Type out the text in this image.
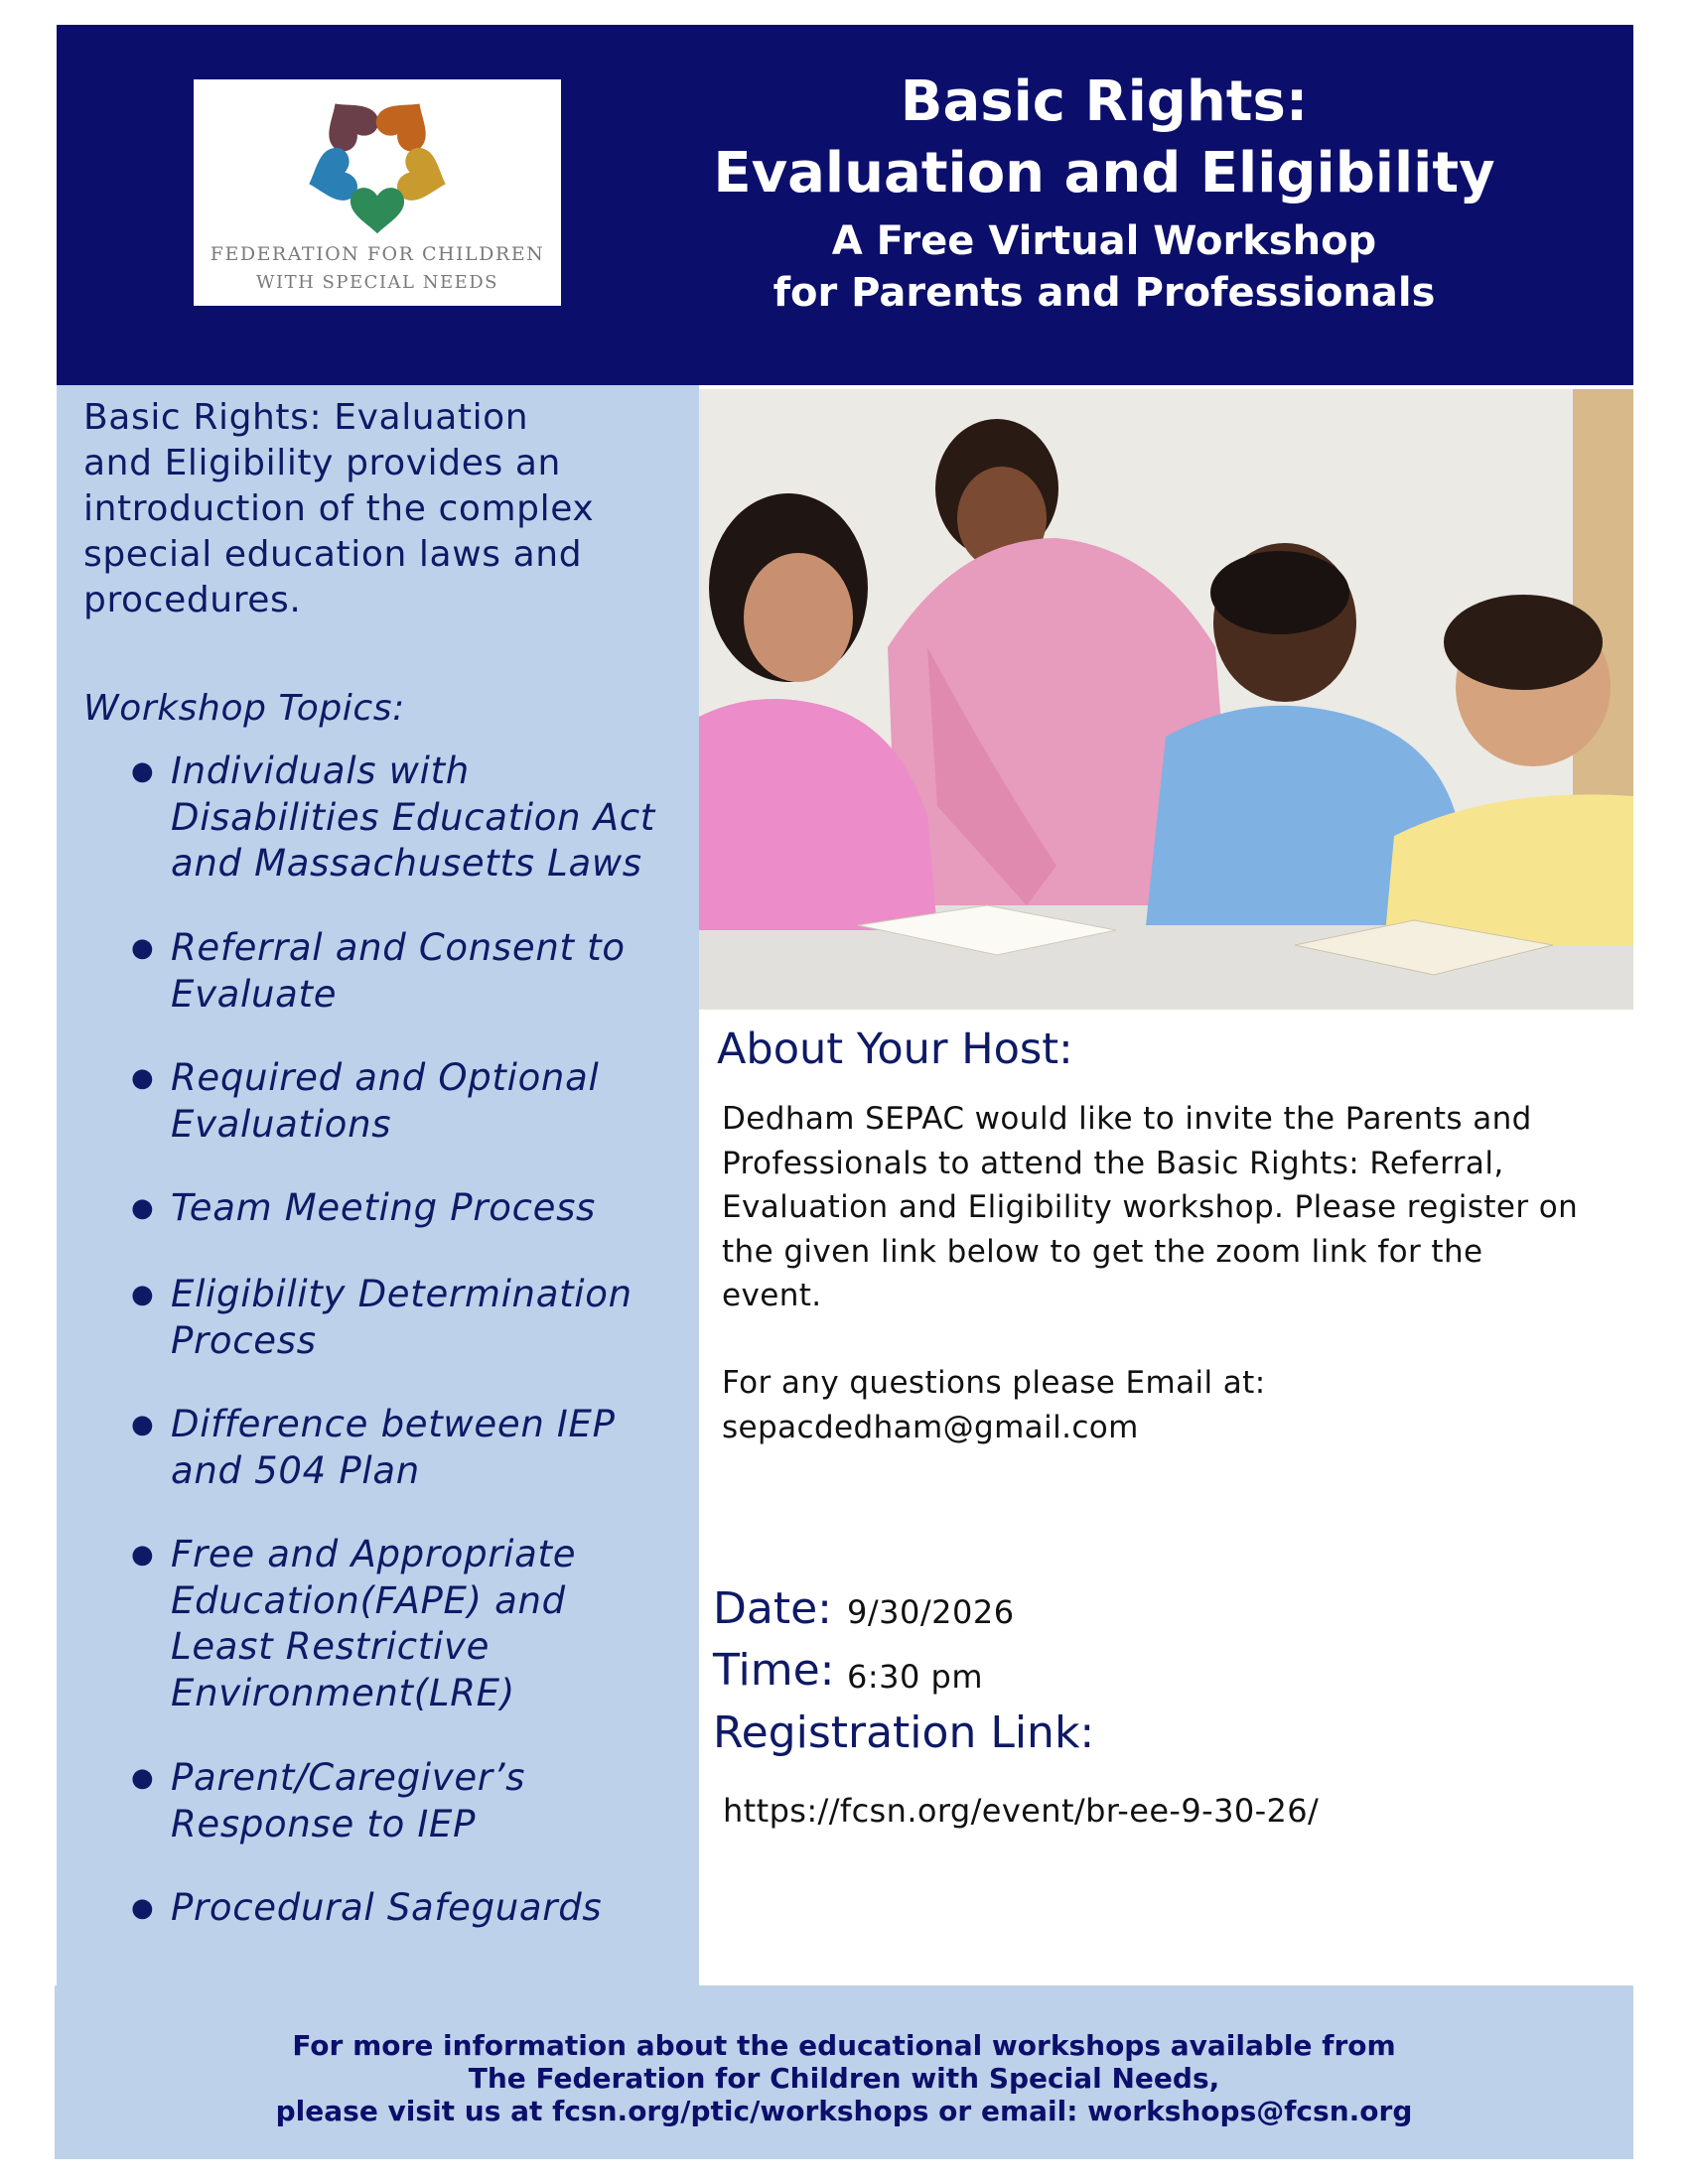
FEDERATION FOR CHILDREN
WITH SPECIAL NEEDS
Basic Rights:
Evaluation and Eligibility
A Free Virtual Workshop
for Parents and Professionals
Basic Rights: Evaluation
and Eligibility provides an
introduction of the complex
special education laws and
procedures.
Workshop Topics:
● Individuals with
Disabilities Education Act
and Massachusetts Laws
● Referral and Consent to
Evaluate
● Required and Optional
Evaluations
● Team Meeting Process
● Eligibility Determination
Process
● Difference between IEP
and 504 Plan
● Free and Appropriate
Education(FAPE) and
Least Restrictive
Environment(LRE)
● Parent/Caregiver’s
Response to IEP
● Procedural Safeguards
About Your Host:
Dedham SEPAC would like to invite the Parents and
Professionals to attend the Basic Rights: Referral,
Evaluation and Eligibility workshop. Please register on
the given link below to get the zoom link for the
event.
For any questions please Email at:
sepacdedham@gmail.com
Date: 9/30/2026
Time: 6:30 pm
Registration Link:
https://fcsn.org/event/br-ee-9-30-26/
For more information about the educational workshops available from
The Federation for Children with Special Needs,
please visit us at fcsn.org/ptic/workshops or email: workshops@fcsn.org
